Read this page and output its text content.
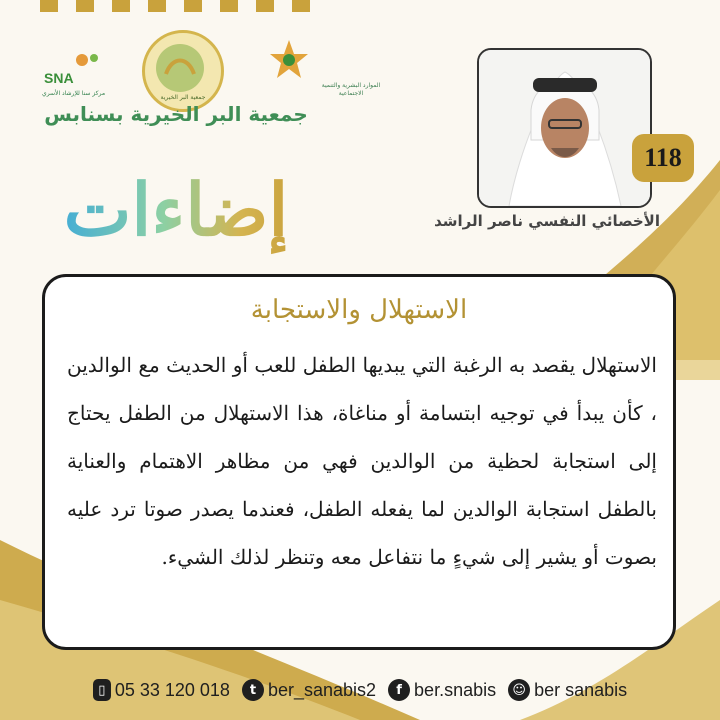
SNA
مركز سنا للإرشاد الأسري
جمعية البر الخيرية
الموارد البشرية والتنمية الاجتماعية
جمعية البر الخيرية بسنابس
إضاءات
118
الأخصائي النفسي ناصر الراشد
الاستهلال والاستجابة
الاستهلال يقصد به الرغبة التي يبديها الطفل للعب أو الحديث مع الوالدين ، كأن يبدأ في توجيه ابتسامة أو مناغاة، هذا الاستهلال من الطفل يحتاج إلى استجابة لحظية من الوالدين فهي من مظاهر الاهتمام والعناية بالطفل استجابة الوالدين لما يفعله الطفل، فعندما يصدر صوتا ترد عليه بصوت أو يشير إلى شيءٍ ما نتفاعل معه وتنظر لذلك الشيء.
▯ 05 33 120 018	t ber_sanabis2	f ber.snabis	☺ ber sanabis
